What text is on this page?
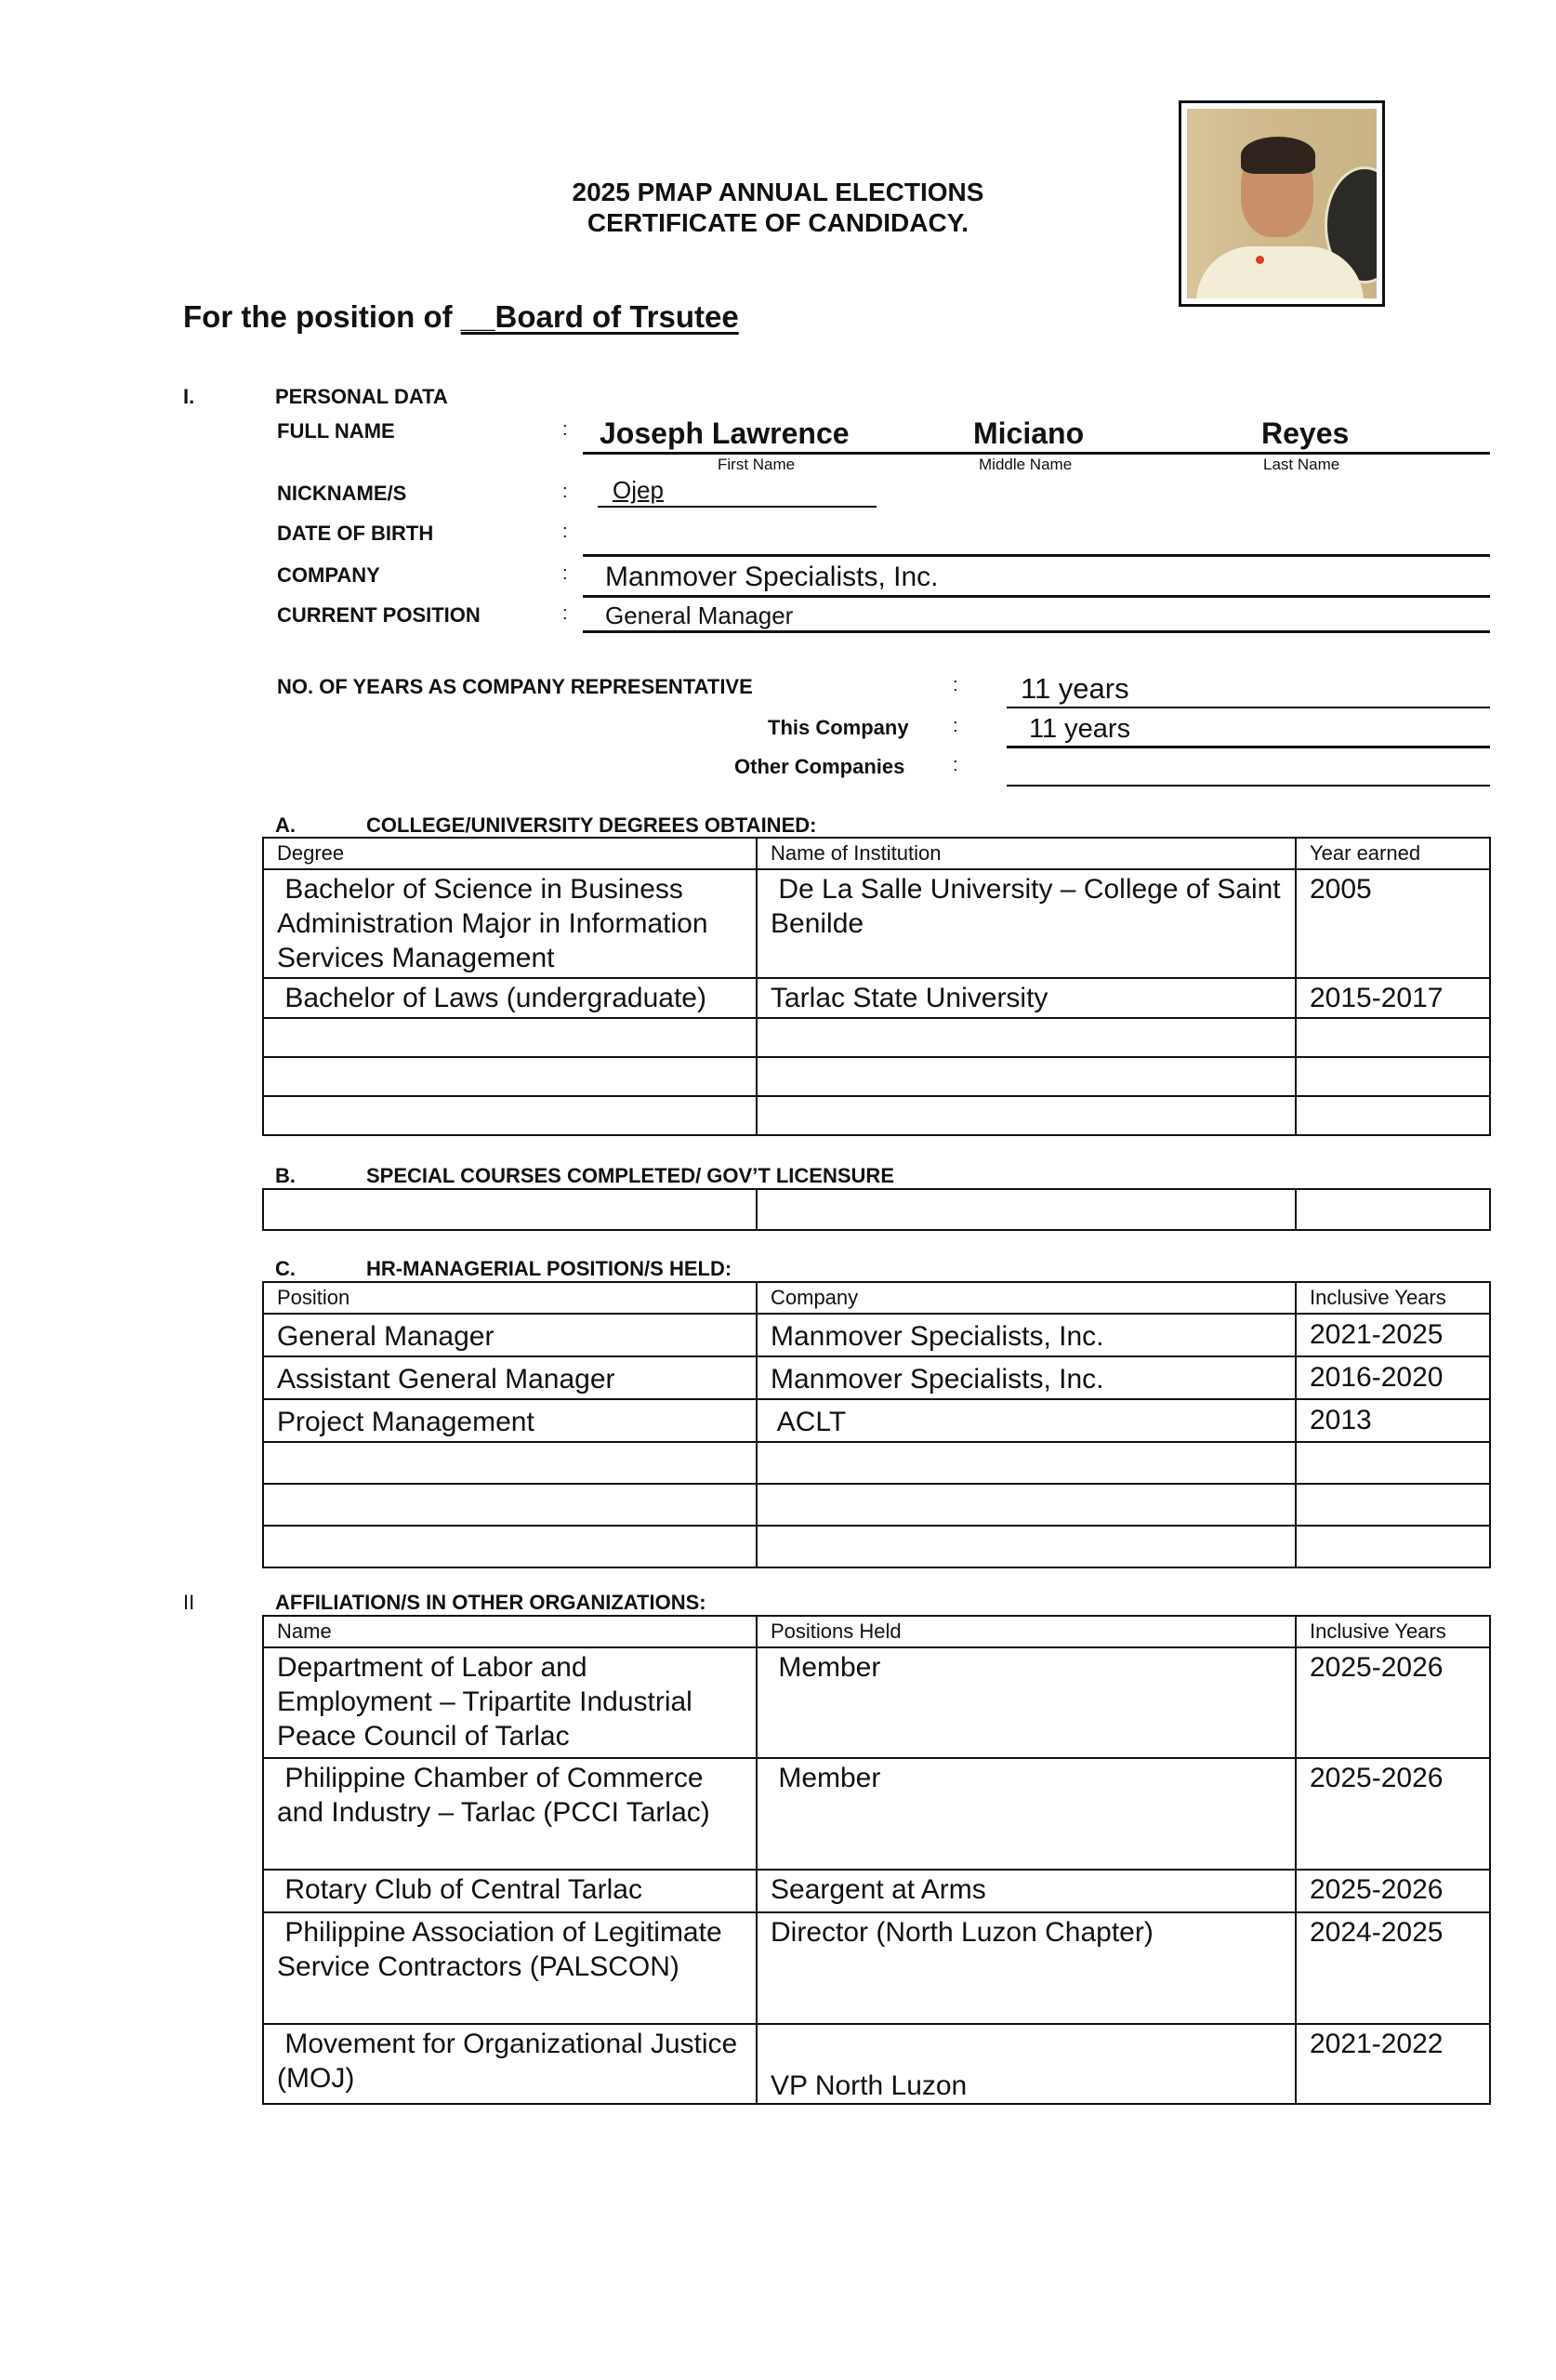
2025 PMAP ANNUAL ELECTIONS
CERTIFICATE OF CANDIDACY.
For the position of __Board of Trsutee
I.	PERSONAL DATA
FULL NAME	: Joseph Lawrence	Miciano	Reyes
First Name	Middle Name	Last Name
NICKNAME/S	: Ojep
DATE OF BIRTH	:
COMPANY	: Manmover Specialists, Inc.
CURRENT POSITION	: General Manager
NO. OF YEARS AS COMPANY REPRESENTATIVE	: 11 years
This Company :	11 years
Other Companies	:
A.	COLLEGE/UNIVERSITY DEGREES OBTAINED:
Degree	Name of Institution	Year earned
Bachelor of Science in Business Administration Major in Information Services Management	De La Salle University – College of Saint Benilde	2005
Bachelor of Laws (undergraduate)	Tarlac State University	2015-2017

B.	SPECIAL COURSES COMPLETED/ GOV’T LICENSURE

C.	HR-MANAGERIAL POSITION/S HELD:
Position	Company	Inclusive Years
General Manager	Manmover Specialists, Inc.	2021-2025
Assistant General Manager	Manmover Specialists, Inc.	2016-2020
Project Management	ACLT	2013

II	AFFILIATION/S IN OTHER ORGANIZATIONS:
Name	Positions Held	Inclusive Years
Department of Labor and Employment – Tripartite Industrial Peace Council of Tarlac	Member	2025-2026
Philippine Chamber of Commerce and Industry – Tarlac (PCCI Tarlac)	Member	2025-2026
Rotary Club of Central Tarlac	Seargent at Arms	2025-2026
Philippine Association of Legitimate Service Contractors (PALSCON)	Director (North Luzon Chapter)	2024-2025
Movement for Organizational Justice (MOJ)	VP North Luzon	2021-2022
